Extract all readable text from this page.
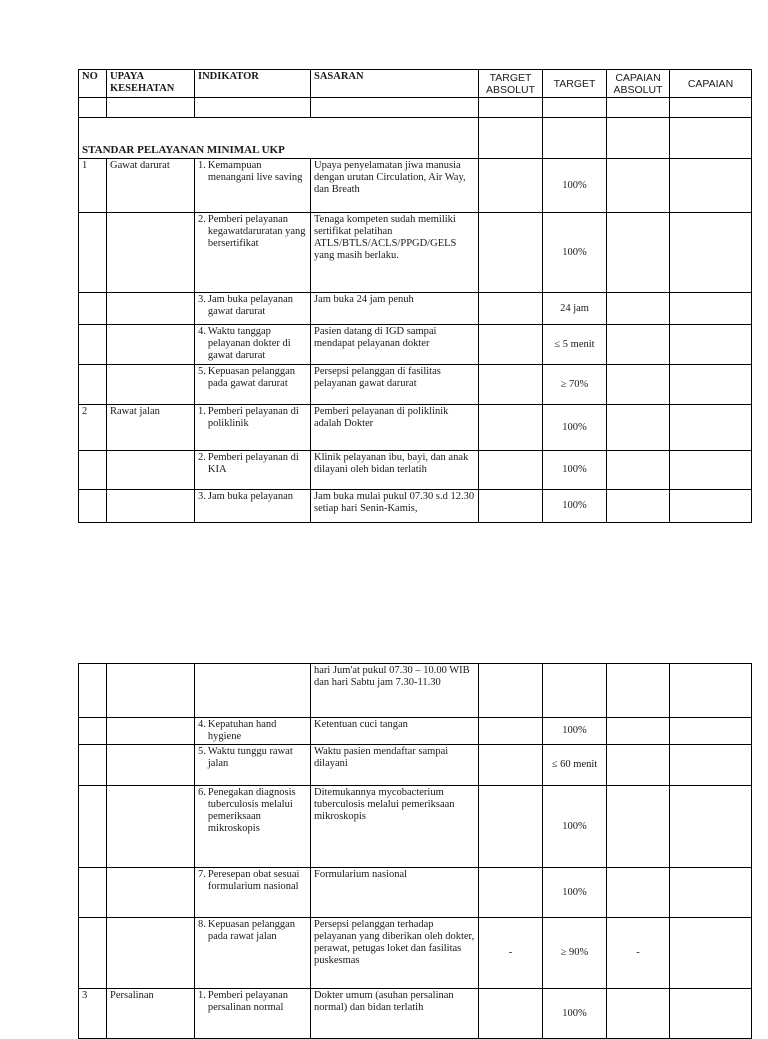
NO	UPAYA KESEHATAN	INDIKATOR	SASARAN	TARGET ABSOLUT	TARGET	CAPAIAN ABSOLUT	CAPAIAN

STANDAR PELAYANAN MINIMAL UKP							
1	Gawat darurat	1. Kemampuan menangani live saving	Upaya penyelamatan jiwa manusia dengan urutan Circulation, Air Way, dan Breath		100%		

		2. Pemberi pelayanan kegawatdaruratan yang bersertifikat	Tenaga kompeten sudah memiliki sertifikat pelatihan ATLS/BTLS/ACLS/PPGD/GELS yang masih berlaku.		100%		

		3. Jam buka pelayanan gawat darurat	Jam buka 24 jam penuh		24 jam		

		4. Waktu tanggap pelayanan dokter di gawat darurat	Pasien datang di IGD sampai mendapat pelayanan dokter		≤ 5 menit		

		5. Kepuasan pelanggan pada gawat darurat	Persepsi pelanggan di fasilitas pelayanan gawat darurat		≥ 70%		
2	Rawat jalan	1. Pemberi pelayanan di poliklinik	Pemberi pelayanan di poliklinik adalah Dokter		100%		

		2. Pemberi pelayanan di KIA	Klinik pelayanan ibu, bayi, dan anak dilayani oleh bidan terlatih		100%		

		3. Jam buka pelayanan	Jam buka mulai pukul 07.30 s.d 12.30 setiap hari Senin-Kamis,		100%		
			hari Jum'at pukul 07.30 – 10.00 WIB dan hari Sabtu jam 7.30-11.30				

		4. Kepatuhan hand hygiene	Ketentuan cuci tangan		100%		

		5. Waktu tunggu rawat jalan	Waktu pasien mendaftar sampai dilayani		≤ 60 menit		

		6. Penegakan diagnosis tuberculosis melalui pemeriksaan mikroskopis	Ditemukannya mycobacterium tuberculosis melalui pemeriksaan mikroskopis		100%		

		7. Peresepan obat sesuai formularium nasional	Formularium nasional		100%		

		8. Kepuasan pelanggan pada rawat jalan	Persepsi pelanggan terhadap pelayanan yang diberikan oleh dokter, perawat, petugas loket dan fasilitas puskesmas	-	≥ 90%	-	
3	Persalinan	1. Pemberi pelayanan persalinan normal	Dokter umum (asuhan persalinan normal) dan bidan terlatih		100%		
